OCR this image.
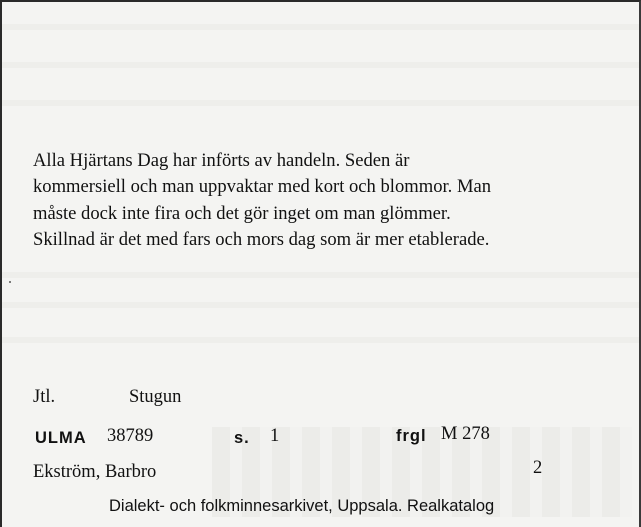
Alla Hjärtans Dag har införts av handeln. Seden är
kommersiell och man uppvaktar med kort och blommor. Man
måste dock inte fira och det gör inget om man glömmer.
Skillnad är det med fars och mors dag som är mer etablerade.
Jtl.	Stugun
ULMA 38789	s. 1	frgl M 278
Ekström, Barbro	2
Dialekt- och folkminnesarkivet, Uppsala. Realkatalog
